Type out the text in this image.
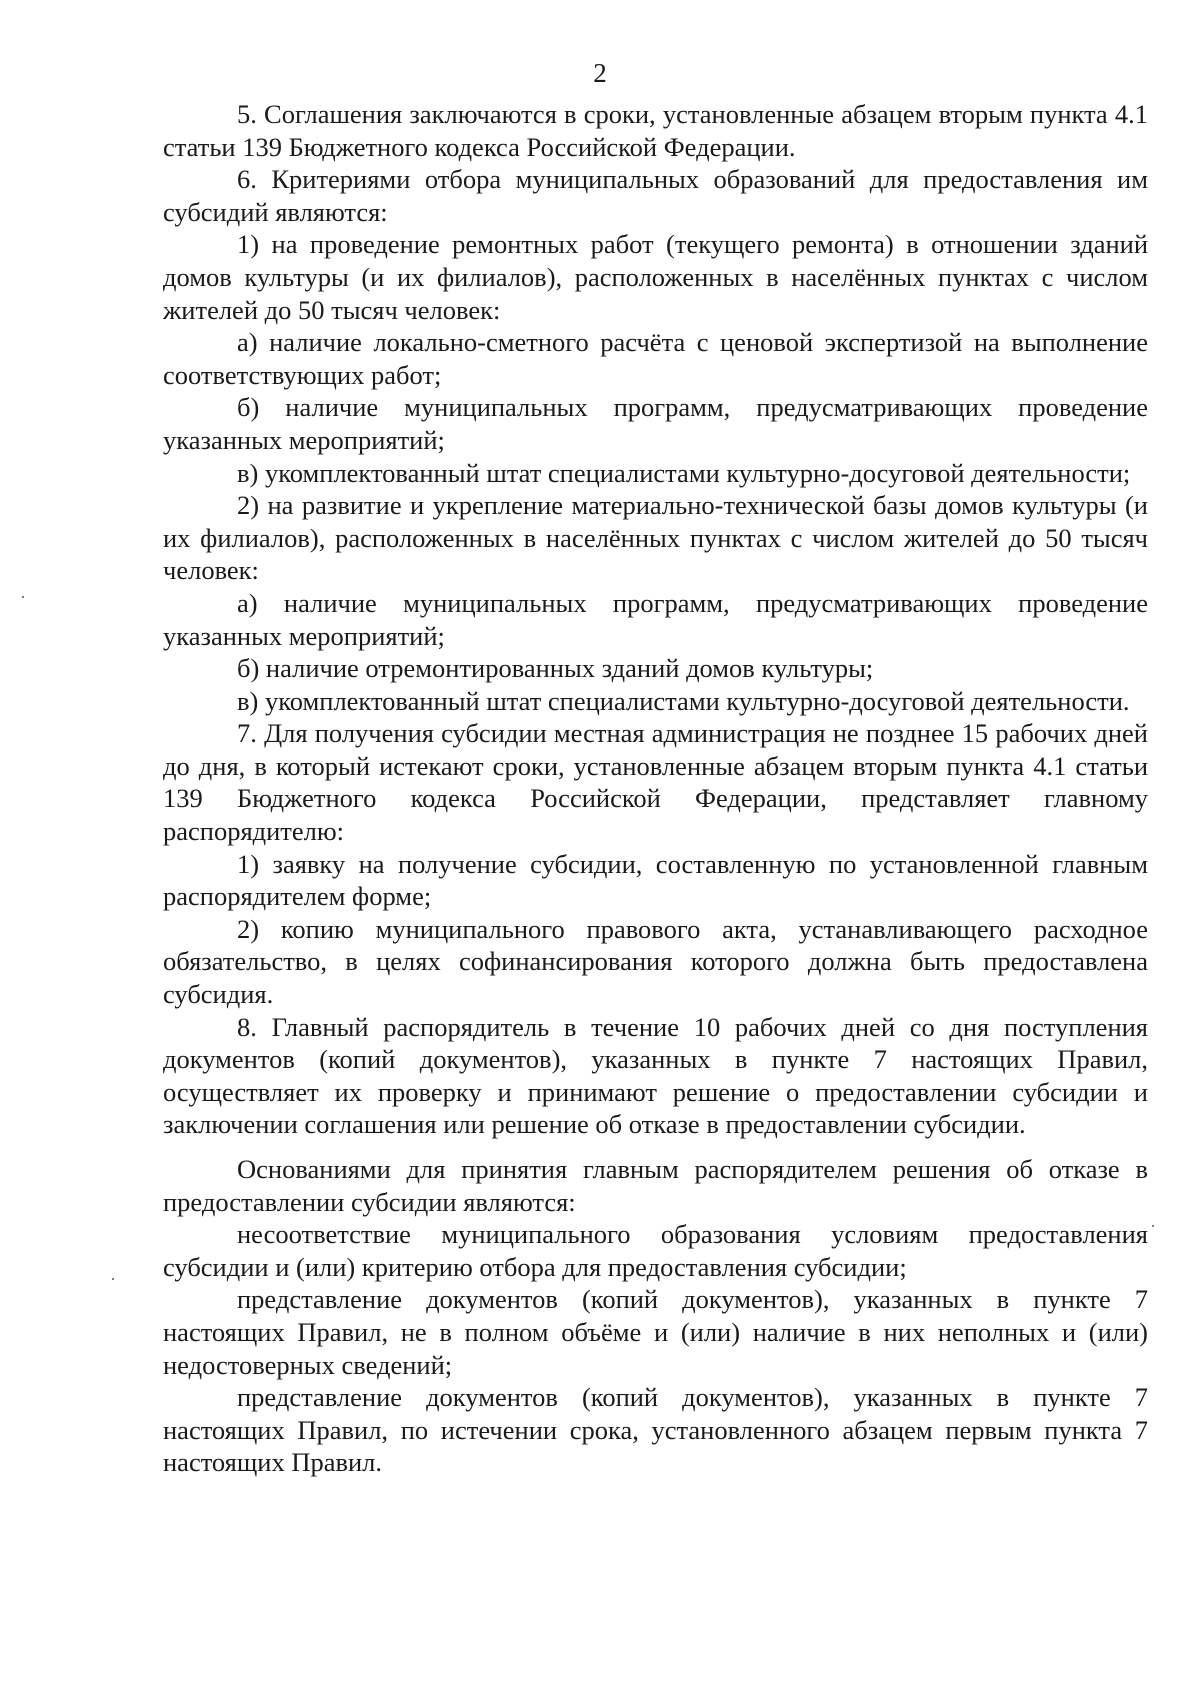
2

5. Соглашения заключаются в сроки, установленные абзацем вторым пункта 4.1 статьи 139 Бюджетного кодекса Российской Федерации.

6. Критериями отбора муниципальных образований для предоставления им субсидий являются:

1) на проведение ремонтных работ (текущего ремонта) в отношении зданий домов культуры (и их филиалов), расположенных в населённых пунктах с числом жителей до 50 тысяч человек:

а) наличие локально-сметного расчёта с ценовой экспертизой на выполнение соответствующих работ;

б) наличие муниципальных программ, предусматривающих проведение указанных мероприятий;

в) укомплектованный штат специалистами культурно-досуговой деятельности;

2) на развитие и укрепление материально-технической базы домов культуры (и их филиалов), расположенных в населённых пунктах с числом жителей до 50 тысяч человек:

а) наличие муниципальных программ, предусматривающих проведение указанных мероприятий;

б) наличие отремонтированных зданий домов культуры;

в) укомплектованный штат специалистами культурно-досуговой деятельности.

7. Для получения субсидии местная администрация не позднее 15 рабочих дней до дня, в который истекают сроки, установленные абзацем вторым пункта 4.1 статьи 139 Бюджетного кодекса Российской Федерации, представляет главному распорядителю:

1) заявку на получение субсидии, составленную по установленной главным распорядителем форме;

2) копию муниципального правового акта, устанавливающего расходное обязательство, в целях софинансирования которого должна быть предоставлена субсидия.

8. Главный распорядитель в течение 10 рабочих дней со дня поступления документов (копий документов), указанных в пункте 7 настоящих Правил, осуществляет их проверку и принимают решение о предоставлении субсидии и заключении соглашения или решение об отказе в предоставлении субсидии.

Основаниями для принятия главным распорядителем решения об отказе в предоставлении субсидии являются:

несоответствие муниципального образования условиям предоставления субсидии и (или) критерию отбора для предоставления субсидии;

представление документов (копий документов), указанных в пункте 7 настоящих Правил, не в полном объёме и (или) наличие в них неполных и (или) недостоверных сведений;

представление документов (копий документов), указанных в пункте 7 настоящих Правил, по истечении срока, установленного абзацем первым пункта 7 настоящих Правил.
